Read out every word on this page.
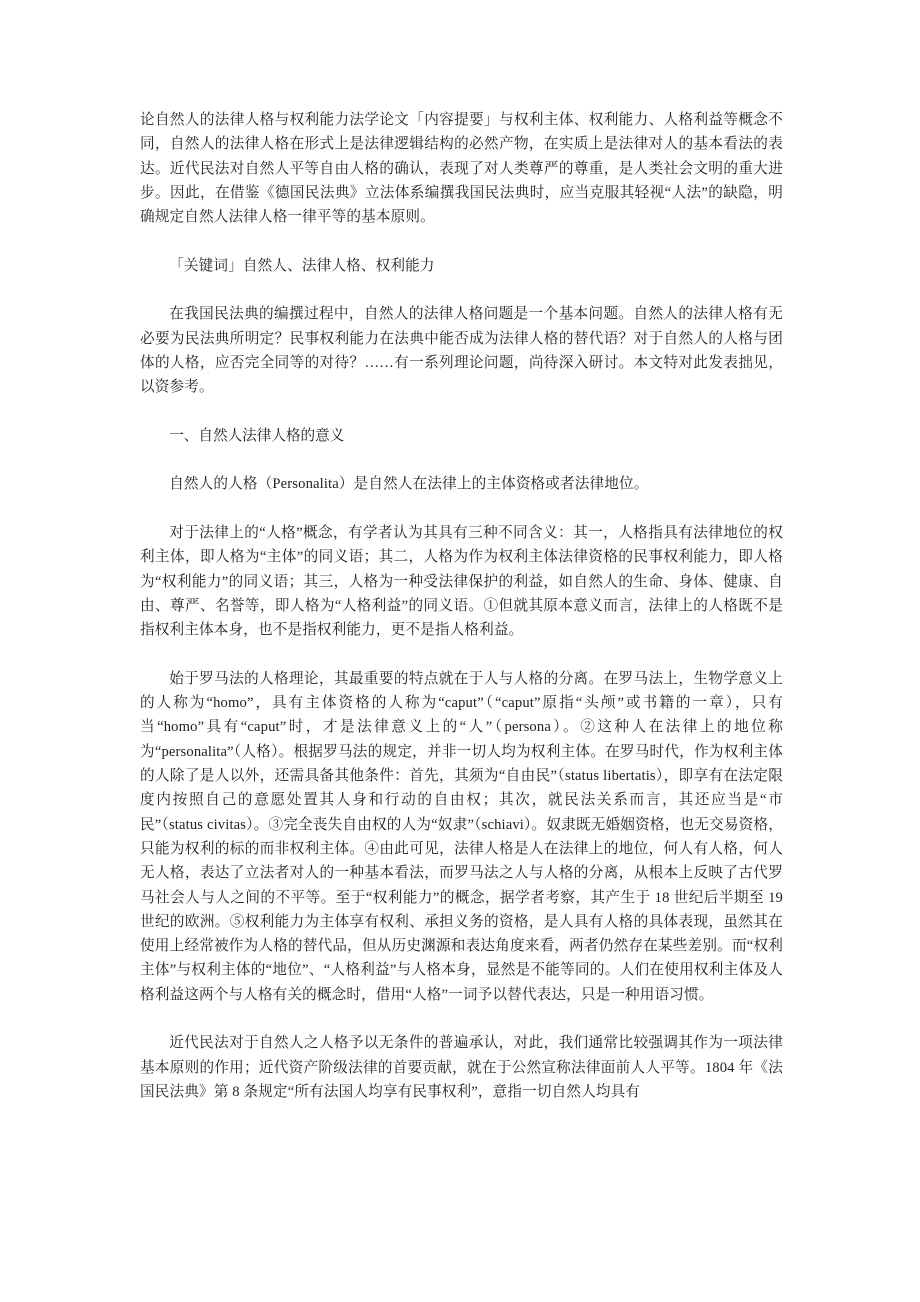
论自然人的法律人格与权利能力法学论文「内容提要」与权利主体、权利能力、人格利益等概念不同，自然人的法律人格在形式上是法律逻辑结构的必然产物，在实质上是法律对人的基本看法的表达。近代民法对自然人平等自由人格的确认，表现了对人类尊严的尊重，是人类社会文明的重大进步。因此，在借鉴《德国民法典》立法体系编撰我国民法典时，应当克服其轻视“人法”的缺隐，明确规定自然人法律人格一律平等的基本原则。

「关键词」自然人、法律人格、权利能力

在我国民法典的编撰过程中，自然人的法律人格问题是一个基本问题。自然人的法律人格有无必要为民法典所明定？民事权利能力在法典中能否成为法律人格的替代语？对于自然人的人格与团体的人格，应否完全同等的对待？……有一系列理论问题，尚待深入研讨。本文特对此发表拙见，以资参考。

一、自然人法律人格的意义

自然人的人格（Personalita）是自然人在法律上的主体资格或者法律地位。

对于法律上的“人格”概念，有学者认为其具有三种不同含义：其一，人格指具有法律地位的权利主体，即人格为“主体”的同义语；其二，人格为作为权利主体法律资格的民事权利能力，即人格为“权利能力”的同义语；其三，人格为一种受法律保护的利益，如自然人的生命、身体、健康、自由、尊严、名誉等，即人格为“人格利益”的同义语。①但就其原本意义而言，法律上的人格既不是指权利主体本身，也不是指权利能力，更不是指人格利益。

始于罗马法的人格理论，其最重要的特点就在于人与人格的分离。在罗马法上，生物学意义上的人称为“homo”，具有主体资格的人称为“caput”（“caput”原指“头颅”或书籍的一章），只有当“homo”具有“caput”时，才是法律意义上的“人”（persona）。②这种人在法律上的地位称为“personalita”（人格）。根据罗马法的规定，并非一切人均为权利主体。在罗马时代，作为权利主体的人除了是人以外，还需具备其他条件：首先，其须为“自由民”（status libertatis），即享有在法定限度内按照自己的意愿处置其人身和行动的自由权；其次，就民法关系而言，其还应当是“市民”（status civitas）。③完全丧失自由权的人为“奴隶”（schiavi）。奴隶既无婚姻资格，也无交易资格，只能为权利的标的而非权利主体。④由此可见，法律人格是人在法律上的地位，何人有人格，何人无人格，表达了立法者对人的一种基本看法，而罗马法之人与人格的分离，从根本上反映了古代罗马社会人与人之间的不平等。至于“权利能力”的概念，据学者考察，其产生于 18 世纪后半期至 19 世纪的欧洲。⑤权利能力为主体享有权利、承担义务的资格，是人具有人格的具体表现，虽然其在使用上经常被作为人格的替代品，但从历史渊源和表达角度来看，两者仍然存在某些差别。而“权利主体”与权利主体的“地位”、“人格利益”与人格本身，显然是不能等同的。人们在使用权利主体及人格利益这两个与人格有关的概念时，借用“人格”一词予以替代表达，只是一种用语习惯。

近代民法对于自然人之人格予以无条件的普遍承认，对此，我们通常比较强调其作为一项法律基本原则的作用；近代资产阶级法律的首要贡献，就在于公然宣称法律面前人人平等。1804 年《法国民法典》第 8 条规定“所有法国人均享有民事权利”，意指一切自然人均具有
